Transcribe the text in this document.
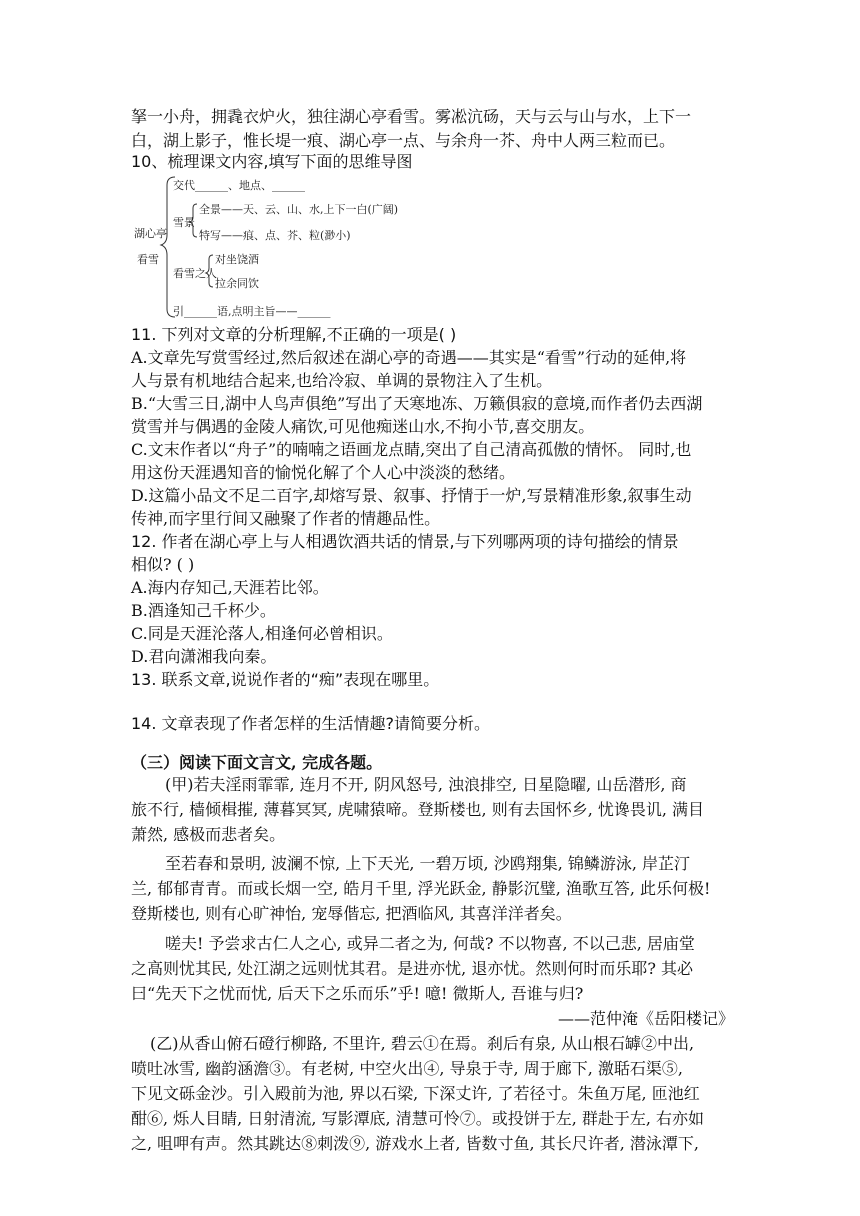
拏一小舟，拥毳衣炉火，独往湖心亭看雪。雾凇沆砀，天与云与山与水，上下一
白，湖上影子，惟长堤一痕、湖心亭一点、与余舟一芥、舟中人两三粒而已。
10、梳理课文内容,填写下面的思维导图
湖心亭
看雪
交代______、地点、______
雪景
全景——天、云、山、水,上下一白(广阔)
特写——痕、点、芥、粒(渺小)
看雪之人
对坐饶酒
拉余同饮
引______语,点明主旨——______
11. 下列对文章的分析理解,不正确的一项是( )
A.文章先写赏雪经过,然后叙述在湖心亭的奇遇——其实是“看雪”行动的延伸,将
人与景有机地结合起来,也给冷寂、单调的景物注入了生机。
B.“大雪三日,湖中人鸟声俱绝”写出了天寒地冻、万籁俱寂的意境,而作者仍去西湖
赏雪并与偶遇的金陵人痛饮,可见他痴迷山水,不拘小节,喜交朋友。
C.文末作者以“舟子”的喃喃之语画龙点睛,突出了自己清高孤傲的情怀。 同时,也
用这份天涯遇知音的愉悦化解了个人心中淡淡的愁绪。
D.这篇小品文不足二百字,却熔写景、叙事、抒情于一炉,写景精准形象,叙事生动
传神,而字里行间又融聚了作者的情趣品性。
12. 作者在湖心亭上与人相遇饮酒共话的情景,与下列哪两项的诗句描绘的情景
相似? ( )
A.海内存知己,天涯若比邻。
B.酒逢知己千杯少。
C.同是天涯沦落人,相逢何必曾相识。
D.君向潇湘我向秦。
13. 联系文章,说说作者的“痴”表现在哪里。
14. 文章表现了作者怎样的生活情趣?请简要分析。
（三）阅读下面文言文, 完成各题。
(甲)若夫淫雨霏霏, 连月不开, 阴风怒号, 浊浪排空, 日星隐曜, 山岳潜形, 商
旅不行, 樯倾楫摧, 薄暮冥冥, 虎啸猿啼。登斯楼也, 则有去国怀乡, 忧谗畏讥, 满目
萧然, 感极而悲者矣。
至若春和景明, 波澜不惊, 上下天光, 一碧万顷, 沙鸥翔集, 锦鳞游泳, 岸芷汀
兰, 郁郁青青。而或长烟一空, 皓月千里, 浮光跃金, 静影沉璧, 渔歌互答, 此乐何极!
登斯楼也, 则有心旷神怡, 宠辱偕忘, 把酒临风, 其喜洋洋者矣。
嗟夫! 予尝求古仁人之心, 或异二者之为, 何哉? 不以物喜, 不以己悲, 居庙堂
之高则忧其民, 处江湖之远则忧其君。是进亦忧, 退亦忧。然则何时而乐耶? 其必
曰“先天下之忧而忧, 后天下之乐而乐”乎! 噫! 微斯人, 吾谁与归?
——范仲淹《岳阳楼记》
(乙)从香山俯石磴行柳路, 不里许, 碧云①在焉。刹后有泉, 从山根石罅②中出,
喷吐冰雪, 幽韵涵澹③。有老树, 中空火出④, 导泉于寺, 周于廊下, 激聒石渠⑤,
下见文砾金沙。引入殿前为池, 界以石梁, 下深丈许, 了若径寸。朱鱼万尾, 匝池红
酣⑥, 烁人目睛, 日射清流, 写影潭底, 清慧可怜⑦。或投饼于左, 群赴于左, 右亦如
之, 咀呷有声。然其跳达⑧刺泼⑨, 游戏水上者, 皆数寸鱼, 其长尺许者, 潜泳潭下,
